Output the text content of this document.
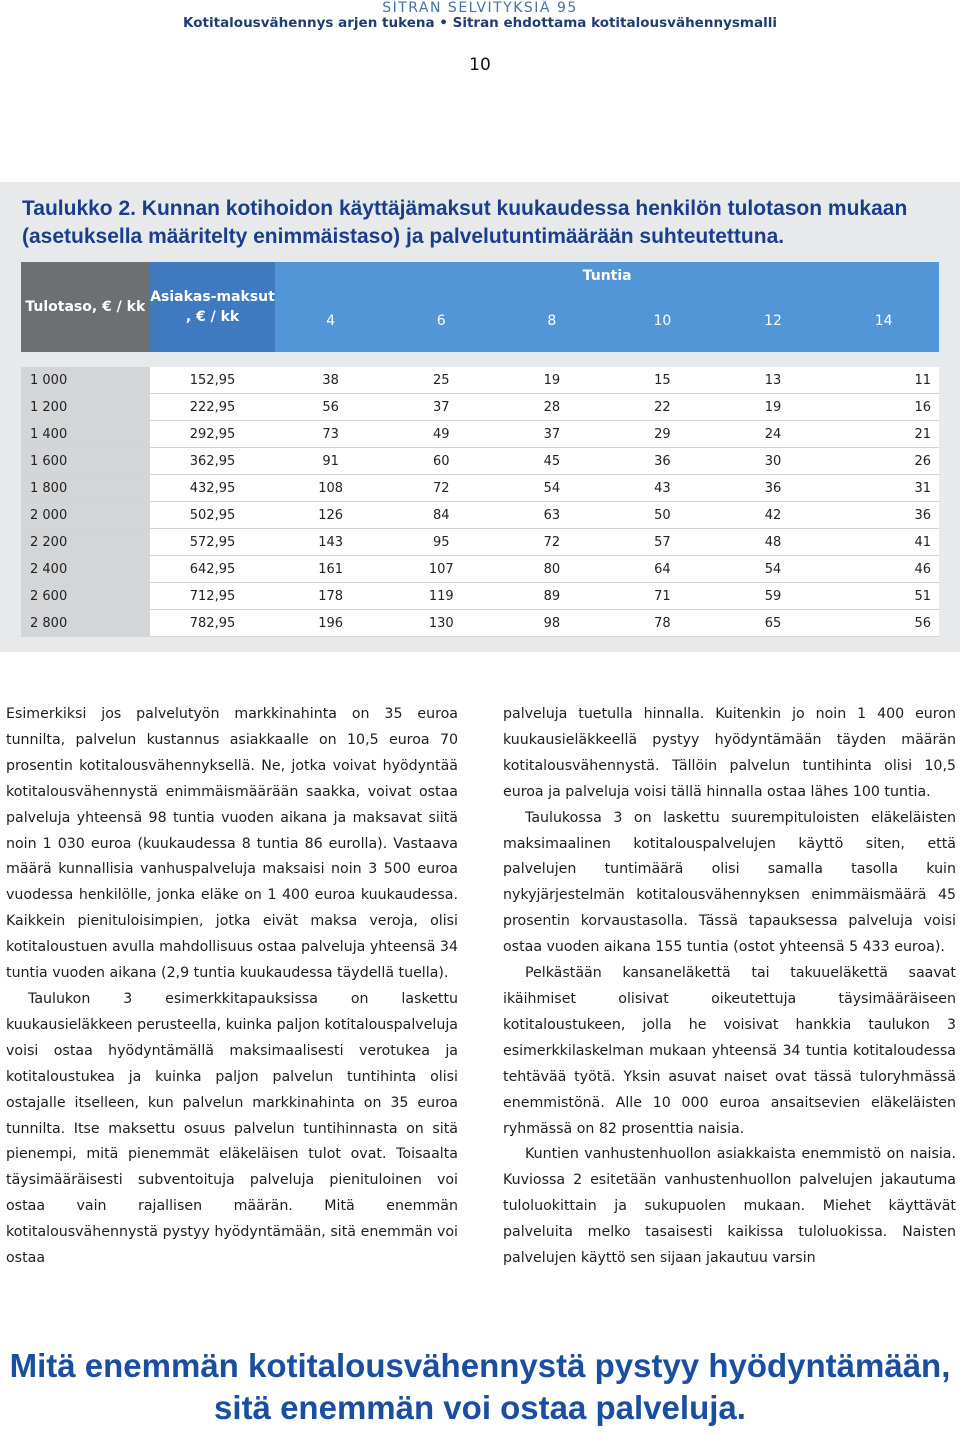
SITRAN SELVITYKSIÄ 95
Kotitalousvähennys arjen tukena • Sitran ehdottama kotitalousvähennysmalli
10
Taulukko 2. Kunnan kotihoidon käyttäjämaksut kuukaudessa henkilön tulotason mukaan (asetuksella määritelty enimmäistaso) ja palvelutuntimäärään suhteutettuna.
Tulotaso, € / kk	Asiakas-maksut , € / kk	Tuntia					
		4	6	8	10	12	14

1 000	152,95	38	25	19	15	13	11
1 200	222,95	56	37	28	22	19	16
1 400	292,95	73	49	37	29	24	21
1 600	362,95	91	60	45	36	30	26
1 800	432,95	108	72	54	43	36	31
2 000	502,95	126	84	63	50	42	36
2 200	572,95	143	95	72	57	48	41
2 400	642,95	161	107	80	64	54	46
2 600	712,95	178	119	89	71	59	51
2 800	782,95	196	130	98	78	65	56

Esimerkiksi jos palvelutyön markkinahinta on 35 euroa tunnilta, palvelun kustannus asiakkaalle on 10,5 euroa 70 prosentin kotitalousvähennyksellä. Ne, jotka voivat hyödyntää kotitalousvähennystä enimmäismäärään saakka, voivat ostaa palveluja yhteensä 98 tuntia vuoden aikana ja maksavat siitä noin 1 030 euroa (kuukaudessa 8 tuntia 86 eurolla). Vastaava määrä kunnallisia vanhuspalveluja maksaisi noin 3 500 euroa vuodessa henkilölle, jonka eläke on 1 400 euroa kuukaudessa. Kaikkein pienituloisimpien, jotka eivät maksa veroja, olisi kotitaloustuen avulla mahdollisuus ostaa palveluja yhteensä 34 tuntia vuoden aikana (2,9 tuntia kuukaudessa täydellä tuella).

Taulukon 3 esimerkkitapauksissa on laskettu kuukausieläkkeen perusteella, kuinka paljon kotitalouspalveluja voisi ostaa hyödyntämällä maksimaalisesti verotukea ja kotitaloustukea ja kuinka paljon palvelun tuntihinta olisi ostajalle itselleen, kun palvelun markkinahinta on 35 euroa tunnilta. Itse maksettu osuus palvelun tuntihinnasta on sitä pienempi, mitä pienemmät eläkeläisen tulot ovat. Toisaalta täysimääräisesti subventoituja palveluja pienituloinen voi ostaa vain rajallisen määrän. Mitä enemmän kotitalousvähennystä pystyy hyödyntämään, sitä enemmän voi ostaa

palveluja tuetulla hinnalla. Kuitenkin jo noin 1 400 euron kuukausieläkkeellä pystyy hyödyntämään täyden määrän kotitalousvähennystä. Tällöin palvelun tuntihinta olisi 10,5 euroa ja palveluja voisi tällä hinnalla ostaa lähes 100 tuntia.

Taulukossa 3 on laskettu suurempituloisten eläkeläisten maksimaalinen kotitalouspalvelujen käyttö siten, että palvelujen tuntimäärä olisi samalla tasolla kuin nykyjärjestelmän kotitalousvähennyksen enimmäismäärä 45 prosentin korvaustasolla. Tässä tapauksessa palveluja voisi ostaa vuoden aikana 155 tuntia (ostot yhteensä 5 433 euroa).

Pelkästään kansaneläkettä tai takuueläkettä saavat ikäihmiset olisivat oikeutettuja täysimääräiseen kotitaloustukeen, jolla he voisivat hankkia taulukon 3 esimerkkilaskelman mukaan yhteensä 34 tuntia kotitaloudessa tehtävää työtä. Yksin asuvat naiset ovat tässä tuloryhmässä enemmistönä. Alle 10 000 euroa ansaitsevien eläkeläisten ryhmässä on 82 prosenttia naisia.

Kuntien vanhustenhuollon asiakkaista enemmistö on naisia. Kuviossa 2 esitetään vanhustenhuollon palvelujen jakautuma tuloluokittain ja sukupuolen mukaan. Miehet käyttävät palveluita melko tasaisesti kaikissa tuloluokissa. Naisten palvelujen käyttö sen sijaan jakautuu varsin

Mitä enemmän kotitalousvähennystä pystyy hyödyntämään, sitä enemmän voi ostaa palveluja.
